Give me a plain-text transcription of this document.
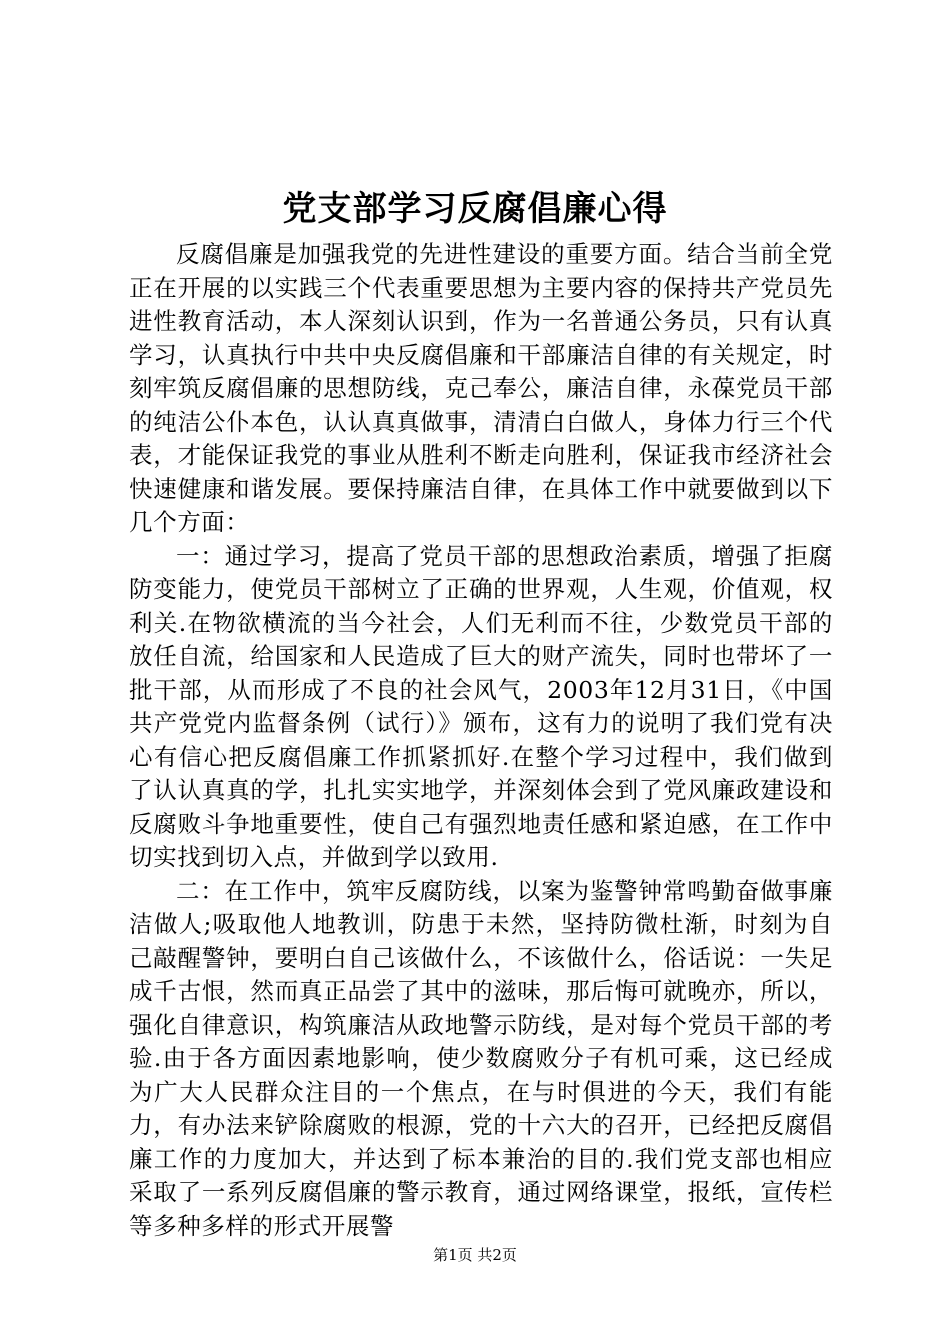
党支部学习反腐倡廉心得

反腐倡廉是加强我党的先进性建设的重要方面。结合当前全党正在开展的以实践三个代表重要思想为主要内容的保持共产党员先进性教育活动，本人深刻认识到，作为一名普通公务员，只有认真学习，认真执行中共中央反腐倡廉和干部廉洁自律的有关规定，时刻牢筑反腐倡廉的思想防线，克己奉公，廉洁自律，永葆党员干部的纯洁公仆本色，认认真真做事，清清白白做人，身体力行三个代表，才能保证我党的事业从胜利不断走向胜利，保证我市经济社会快速健康和谐发展。要保持廉洁自律，在具体工作中就要做到以下几个方面：

一：通过学习，提高了党员干部的思想政治素质，增强了拒腐防变能力，使党员干部树立了正确的世界观，人生观，价值观，权利关.在物欲横流的当今社会，人们无利而不往，少数党员干部的放任自流，给国家和人民造成了巨大的财产流失，同时也带坏了一批干部，从而形成了不良的社会风气，2003年12月31日，《中国共产党党内监督条例（试行）》颁布，这有力的说明了我们党有决心有信心把反腐倡廉工作抓紧抓好.在整个学习过程中，我们做到了认认真真的学，扎扎实实地学，并深刻体会到了党风廉政建设和反腐败斗争地重要性，使自己有强烈地责任感和紧迫感，在工作中切实找到切入点，并做到学以致用.

二：在工作中，筑牢反腐防线，以案为鉴警钟常鸣勤奋做事廉洁做人;吸取他人地教训，防患于未然，坚持防微杜渐，时刻为自己敲醒警钟，要明白自己该做什么，不该做什么，俗话说：一失足成千古恨，然而真正品尝了其中的滋味，那后悔可就晚亦，所以，强化自律意识，构筑廉洁从政地警示防线，是对每个党员干部的考验.由于各方面因素地影响，使少数腐败分子有机可乘，这已经成为广大人民群众注目的一个焦点，在与时俱进的今天，我们有能力，有办法来铲除腐败的根源，党的十六大的召开，已经把反腐倡廉工作的力度加大，并达到了标本兼治的目的.我们党支部也相应采取了一系列反腐倡廉的警示教育，通过网络课堂，报纸，宣传栏等多种多样的形式开展警

第1页 共2页
